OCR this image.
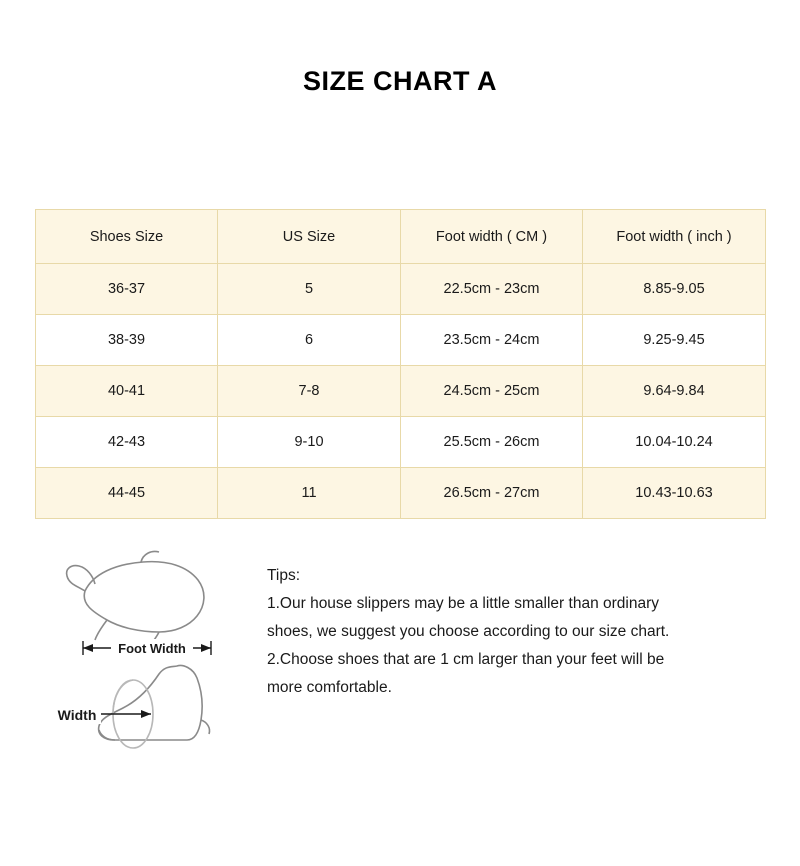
SIZE CHART A
Shoes Size	US Size	Foot width ( CM )	Foot width ( inch )
36-37	5	22.5cm - 23cm	8.85-9.05
38-39	6	23.5cm - 24cm	9.25-9.45
40-41	7-8	24.5cm - 25cm	9.64-9.84
42-43	9-10	25.5cm - 26cm	10.04-10.24
44-45	11	26.5cm - 27cm	10.43-10.63
Foot Width
Width
Tips:
1.Our house slippers may be a little smaller than ordinary
shoes, we suggest you choose according to our size chart.
2.Choose shoes that are 1 cm larger than your feet will be
more comfortable.
